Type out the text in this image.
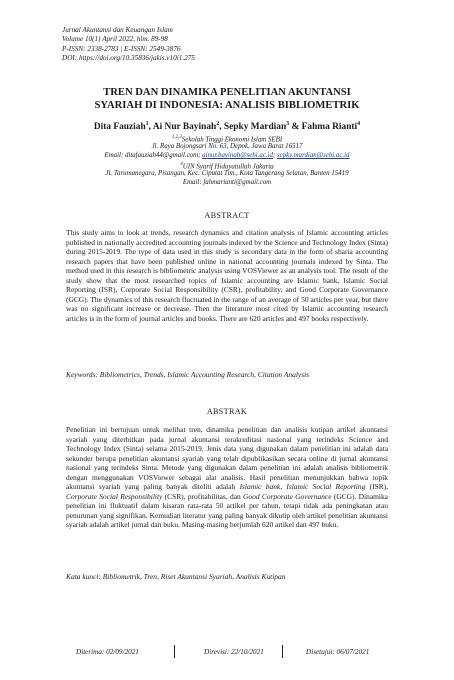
Jurnal Akuntansi dan Keuangan Islam
Volume 10(1) April 2022, hlm. 89-98
P-ISSN: 2338-2783 | E-ISSN: 2549-3876
DOI: https://doi.org/10.35836/jakis.v10i1.275
TREN DAN DINAMIKA PENELITIAN AKUNTANSI
SYARIAH DI INDONESIA: ANALISIS BIBLIOMETRIK
Dita Fauziah$^1$, Ai Nur Bayinah$^2$, Sepky Mardian$^3$ & Fahma Rianti$^4$
$^{1,2,3}$Sekolah Tinggi Ekonomi Islam SEBI
Jl. Raya Bojongsari No. 63, Depok, Jawa Barat 16517
Email: ditafauziah44@gmail.com; ainur.bayinah@sebi.ac.id; sepky.mardian@sebi.ac.id
$^4$UIN Syarif Hidayatullah Jakarta
Jl. Tarumanegara, Pisangan, Kec. Ciputat Tim., Kota Tangerang Selatan, Banten 15419
Email: fahmarianti@gmail.com
ABSTRACT
This study aims to look at trends, research dynamics and citation analysis of Islamic accounting articles published in nationally accredited accounting journals indexed by the Science and Technology Index (Sinta) during 2015-2019. The type of data used in this study is secondary data in the form of sharia accounting research papers that have been published online in national accounting journals indexed by Sinta. The method used in this research is bibliometric analysis using VOSViewer as an analysis tool. The result of the study show that the most researched topics of Islamic accounting are Islamic bank, Islamic Social Reporting (ISR), Corporate Social Responsibility (CSR), profitability, and Good Corporate Governance (GCG). The dynamics of this research fluctuated in the range of an average of 50 articles per year, but there was no significant increase or decrease. Then the literature most cited by Islamic accounting research articles is in the form of journal articles and books. There are 620 articles and 497 books respectively.
Keywords: Bibliometrics, Trends, Islamic Accounting Research, Citation Analysis
ABSTRAK
Penelitian ini bertujuan untuk melihat tren, dinamika penelitian dan analisis kutipan artikel akuntansi syariah yang diterbitkan pada jurnal akuntansi terakreditasi nasional yang terindeks Science and Technology Index (Sinta) selama 2015-2019. Jenis data yang digunakan dalam penelitian ini adalah data sekunder berupa penelitian akuntansi syariah yang telah dipublikasikan secara online di jurnal akuntansi nasional yang terindeks Sinta. Metode yang digunakan dalam penelitian ini adalah analisis bibliometrik dengan menggunakan VOSViewer sebagai alat analisis. Hasil penelitian menunjukkan bahwa topik akuntansi syariah yang paling banyak diteliti adalah Islamic bank, Islamic Social Reporting (ISR), Corporate Social Responsibility (CSR), profitabilitas, dan Good Corporate Governance (GCG). Dinamika penelitian ini fluktuatif dalam kisaran rata-rata 50 artikel per tahun, tetapi tidak ada peningkatan atau penurunan yang signifikan. Kemudian literatur yang paling banyak dikutip oleh artikel penelitian akuntansi syariah adalah artikel jurnal dan buku. Masing-masing berjumlah 620 artikel dan 497 buku.
Kata kunci: Bibliometrik, Tren, Riset Akuntansi Syariah, Analisis Kutipan
Diterima: 02/09/2021	Direvisi: 22/10/2021	Disetujui: 06/07/2021
